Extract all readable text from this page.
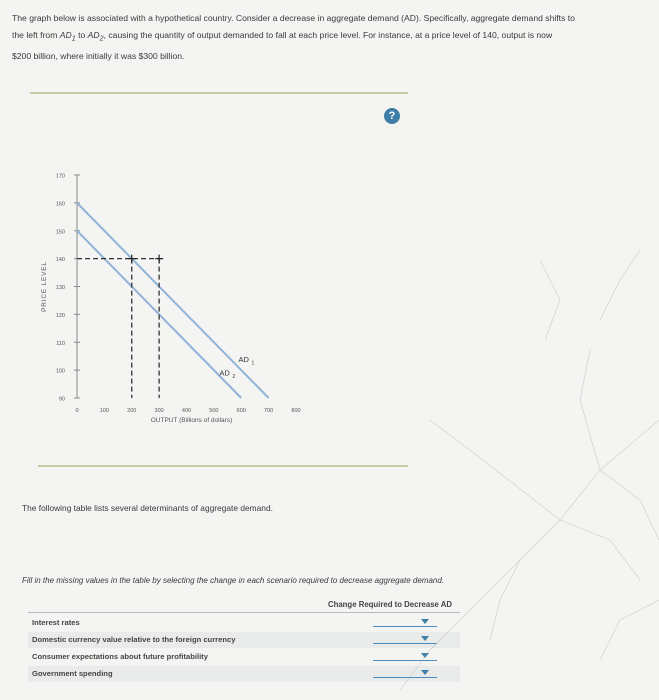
The graph below is associated with a hypothetical country. Consider a decrease in aggregate demand (AD). Specifically, aggregate demand shifts to
the left from $AD_1$ to $AD_2$, causing the quantity of output demanded to fall at each price level. For instance, at a price level of 140, output is now
$200 billion, where initially it was $300 billion.
?
170
160
150
140
130
120
110
100
90
0	100	200	300	400	500	600	700	800
PRICE LEVEL
OUTPUT (Billions of dollars)
AD 1
AD 2
The following table lists several determinants of aggregate demand.
Fill in the missing values in the table by selecting the change in each scenario required to decrease aggregate demand.
Change Required to Decrease AD
Interest rates
Domestic currency value relative to the foreign currency
Consumer expectations about future profitability
Government spending
